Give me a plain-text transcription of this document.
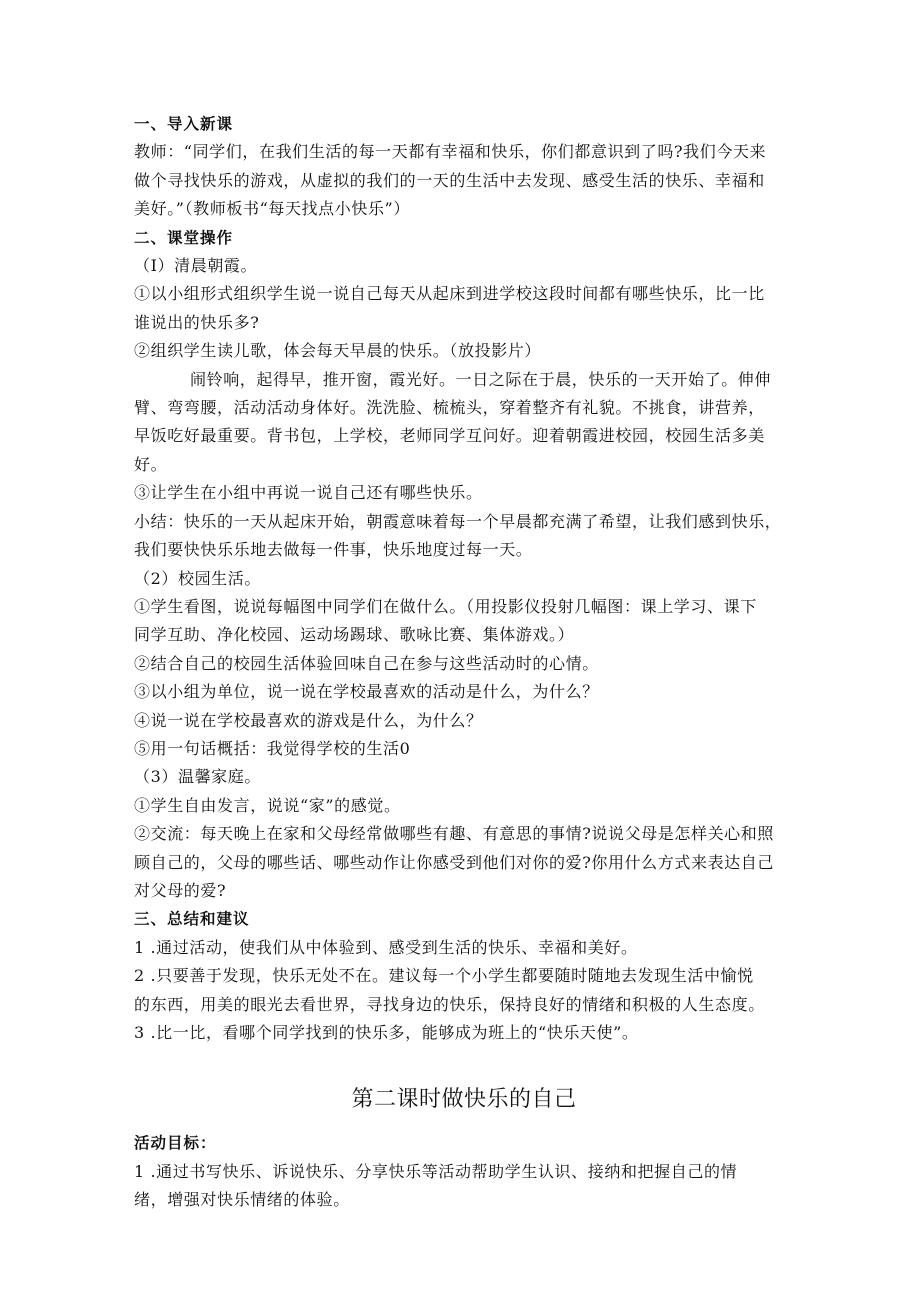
一、导入新课
教师：“同学们，在我们生活的每一天都有幸福和快乐，你们都意识到了吗?我们今天来
做个寻找快乐的游戏，从虚拟的我们的一天的生活中去发现、感受生活的快乐、幸福和
美好。”（教师板书“每天找点小快乐”）
二、课堂操作
（I）清晨朝霞。
①以小组形式组织学生说一说自己每天从起床到进学校这段时间都有哪些快乐，比一比
谁说出的快乐多?
②组织学生读儿歌，体会每天早晨的快乐。（放投影片）
闹铃响，起得早，推开窗，霞光好。一日之际在于晨，快乐的一天开始了。伸伸
臂、弯弯腰，活动活动身体好。洗洗脸、梳梳头，穿着整齐有礼貌。不挑食，讲营养，
早饭吃好最重要。背书包，上学校，老师同学互问好。迎着朝霞进校园，校园生活多美
好。
③让学生在小组中再说一说自己还有哪些快乐。
小结：快乐的一天从起床开始，朝霞意味着每一个早晨都充满了希望，让我们感到快乐，
我们要快快乐乐地去做每一件事，快乐地度过每一天。
（2）校园生活。
①学生看图，说说每幅图中同学们在做什么。（用投影仪投射几幅图：课上学习、课下
同学互助、净化校园、运动场踢球、歌咏比赛、集体游戏。）
②结合自己的校园生活体验回味自己在参与这些活动时的心情。
③以小组为单位，说一说在学校最喜欢的活动是什么，为什么？
④说一说在学校最喜欢的游戏是什么，为什么？
⑤用一句话概括：我觉得学校的生活0
（3）温馨家庭。
①学生自由发言，说说“家”的感觉。
②交流：每天晚上在家和父母经常做哪些有趣、有意思的事情?说说父母是怎样关心和照
顾自己的，父母的哪些话、哪些动作让你感受到他们对你的爱?你用什么方式来表达自己
对父母的爱?
三、总结和建议
1 .通过活动，使我们从中体验到、感受到生活的快乐、幸福和美好。
2 .只要善于发现，快乐无处不在。建议每一个小学生都要随时随地去发现生活中愉悦
的东西，用美的眼光去看世界，寻找身边的快乐，保持良好的情绪和积极的人生态度。
3 .比一比，看哪个同学找到的快乐多，能够成为班上的“快乐天使”。
第二课时做快乐的自己
活动目标：
1 .通过书写快乐、诉说快乐、分享快乐等活动帮助学生认识、接纳和把握自己的情
绪，增强对快乐情绪的体验。
